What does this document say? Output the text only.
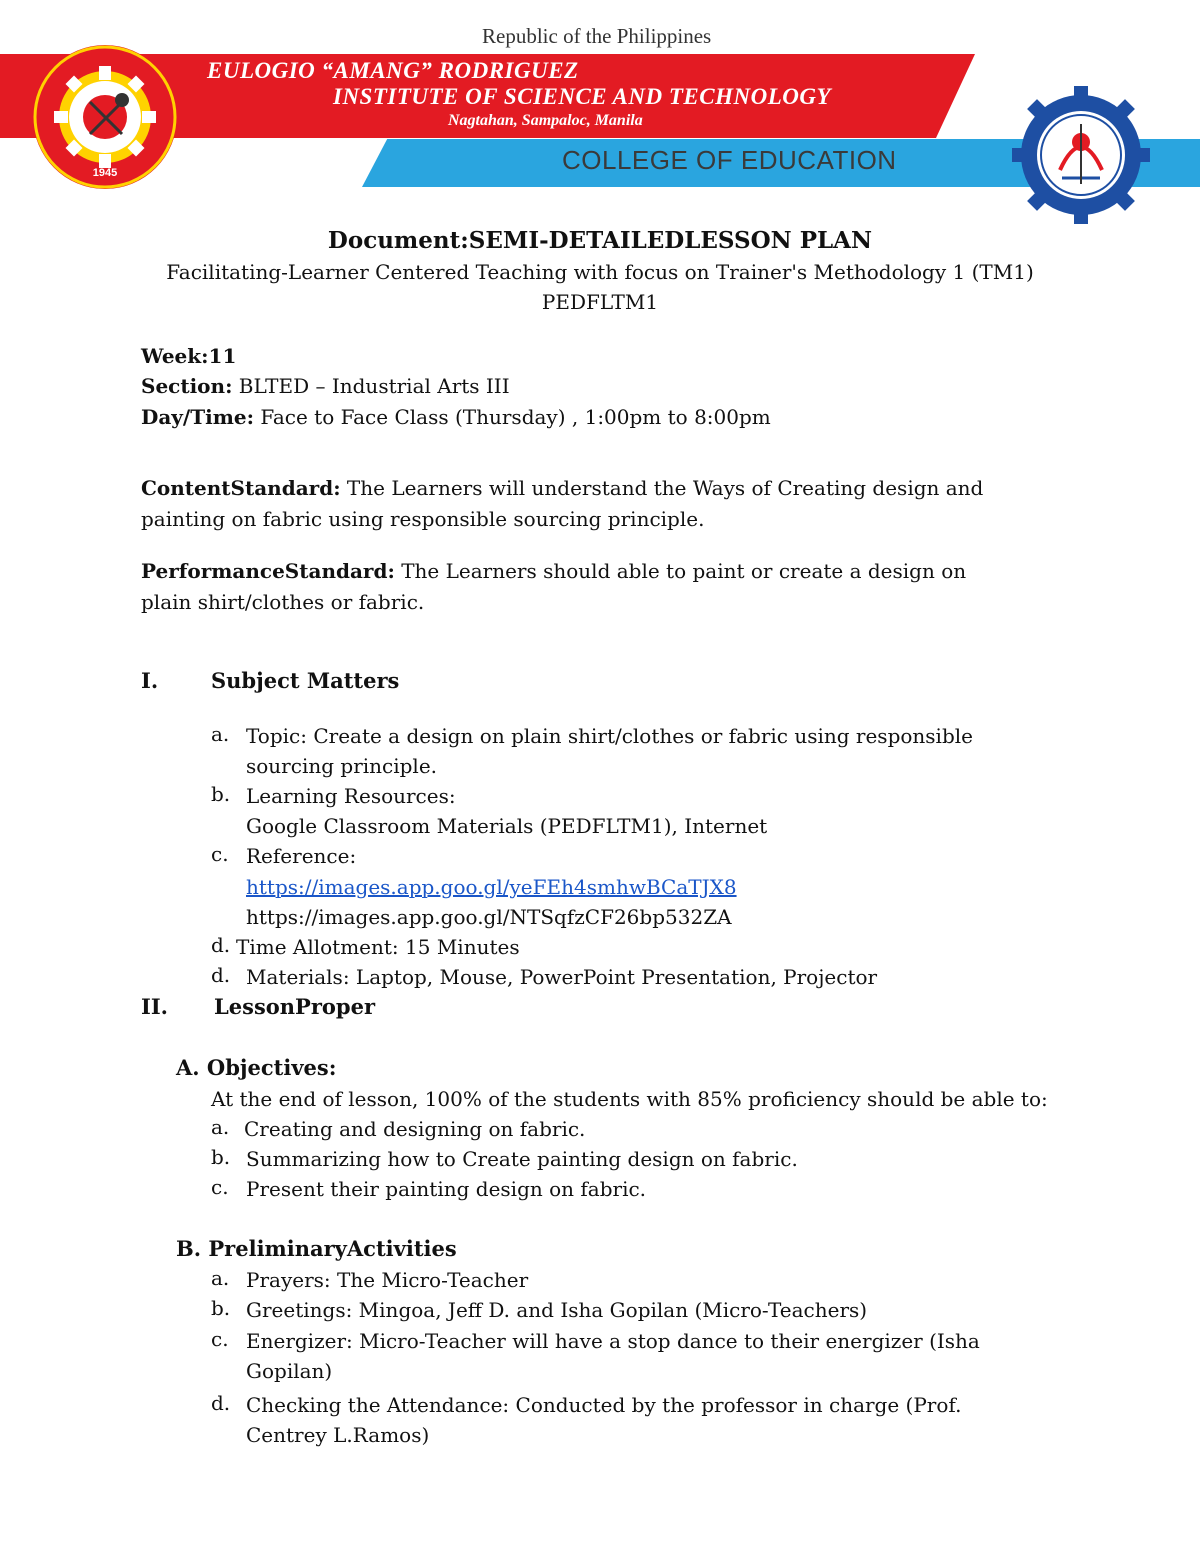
Republic of the Philippines
EULOGIO “AMANG” RODRIGUEZ
INSTITUTE OF SCIENCE AND TECHNOLOGY
Nagtahan, Sampaloc, Manila
COLLEGE OF EDUCATION
1945
Document:SEMI-DETAILEDLESSON PLAN
Facilitating-Learner Centered Teaching with focus on Trainer's Methodology 1 (TM1)
PEDFLTM1
Week:11
Section: BLTED – Industrial Arts III
Day/Time: Face to Face Class (Thursday) , 1:00pm to 8:00pm
ContentStandard: The Learners will understand the Ways of Creating design and
painting on fabric using responsible sourcing principle.
PerformanceStandard: The Learners should able to paint or create a design on
plain shirt/clothes or fabric.
I.	Subject Matters
a. Topic: Create a design on plain shirt/clothes or fabric using responsible
sourcing principle.
b. Learning Resources:
Google Classroom Materials (PEDFLTM1), Internet
c. Reference:
https://images.app.goo.gl/yeFEh4smhwBCaTJX8
https://images.app.goo.gl/NTSqfzCF26bp532ZA
d. Time Allotment: 15 Minutes
d. Materials: Laptop, Mouse, PowerPoint Presentation, Projector
II. LessonProper
A. Objectives:
At the end of lesson, 100% of the students with 85% proficiency should be able to:
a. Creating and designing on fabric.
b. Summarizing how to Create painting design on fabric.
c. Present their painting design on fabric.
B. PreliminaryActivities
a. Prayers: The Micro-Teacher
b. Greetings: Mingoa, Jeff D. and Isha Gopilan (Micro-Teachers)
c. Energizer: Micro-Teacher will have a stop dance to their energizer (Isha
Gopilan)
d. Checking the Attendance: Conducted by the professor in charge (Prof.
Centrey L.Ramos)
